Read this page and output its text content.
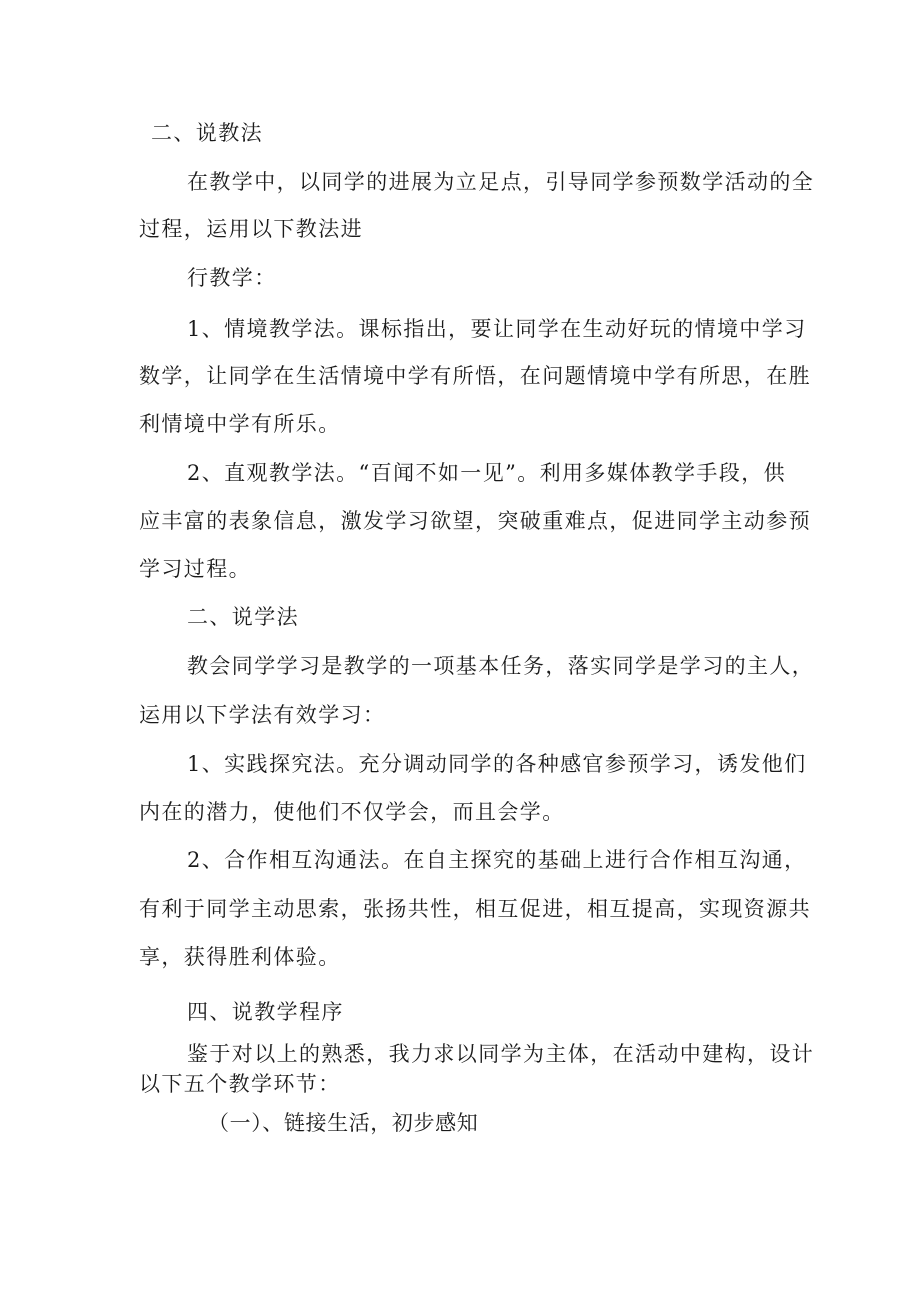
二、说教法
在教学中，以同学的进展为立足点，引导同学参预数学活动的全
过程，运用以下教法进
行教学：
1、情境教学法。课标指出，要让同学在生动好玩的情境中学习
数学，让同学在生活情境中学有所悟，在问题情境中学有所思，在胜
利情境中学有所乐。
2、直观教学法。“百闻不如一见”。利用多媒体教学手段，供
应丰富的表象信息，激发学习欲望，突破重难点，促进同学主动参预
学习过程。
二、说学法
教会同学学习是教学的一项基本任务，落实同学是学习的主人，
运用以下学法有效学习：
1、实践探究法。充分调动同学的各种感官参预学习，诱发他们
内在的潜力，使他们不仅学会，而且会学。
2、合作相互沟通法。在自主探究的基础上进行合作相互沟通，
有利于同学主动思索，张扬共性，相互促进，相互提高，实现资源共
享，获得胜利体验。
四、说教学程序
鉴于对以上的熟悉，我力求以同学为主体，在活动中建构，设计
以下五个教学环节：
（一）、链接生活，初步感知
